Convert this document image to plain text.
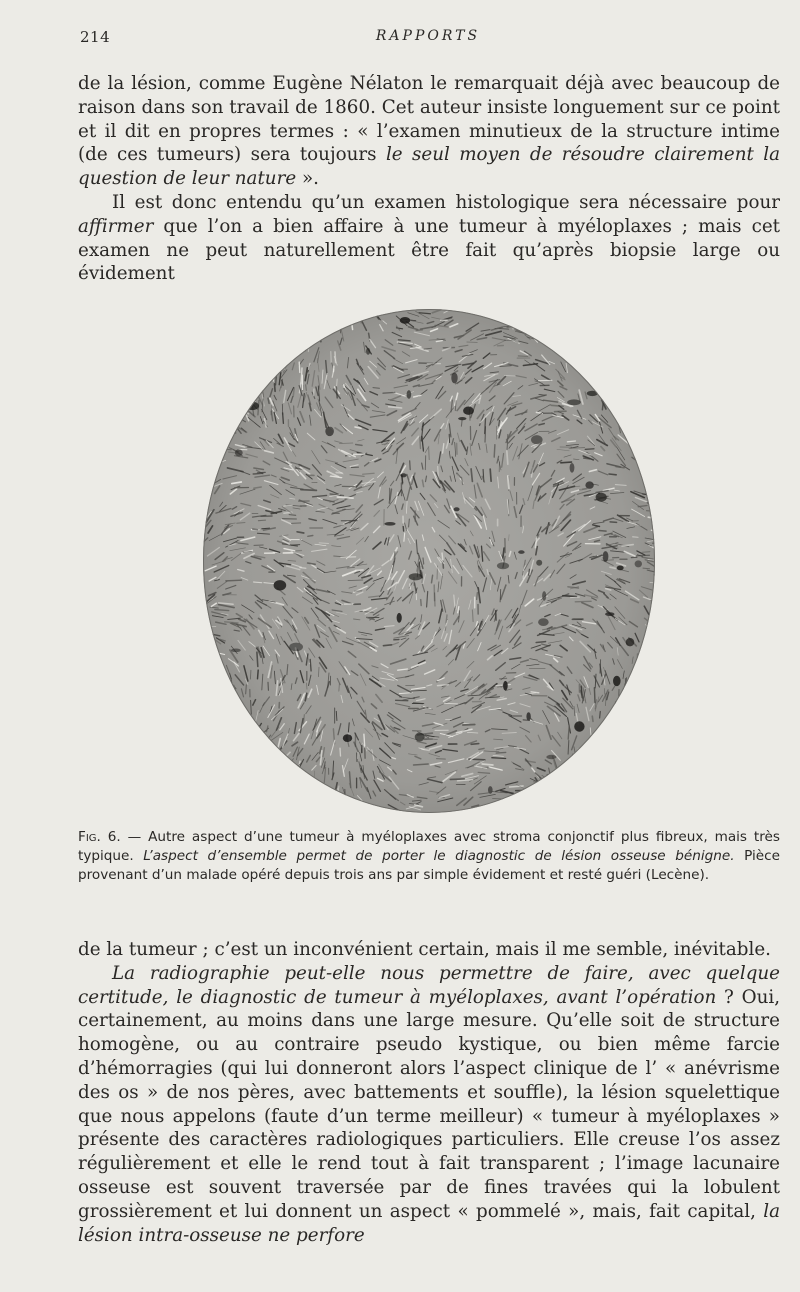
214	RAPPORTS

de la lésion, comme Eugène Nélaton le remarquait déjà avec beaucoup de raison dans son travail de 1860. Cet auteur insiste longuement sur ce point et il dit en propres termes : « l’examen minutieux de la structure intime (de ces tumeurs) sera toujours le seul moyen de résoudre clairement la question de leur nature ».

Il est donc entendu qu’un examen histologique sera nécessaire pour affirmer que l’on a bien affaire à une tumeur à myéloplaxes ; mais cet examen ne peut naturellement être fait qu’après biopsie large ou évidement

Fig. 6. — Autre aspect d’une tumeur à myéloplaxes avec stroma conjonctif plus fibreux, mais très typique. L’aspect d’ensemble permet de porter le diagnostic de lésion osseuse bénigne. Pièce provenant d’un malade opéré depuis trois ans par simple évidement et resté guéri (Lecène).

de la tumeur ; c’est un inconvénient certain, mais il me semble, inévitable.

La radiographie peut-elle nous permettre de faire, avec quelque certitude, le diagnostic de tumeur à myéloplaxes, avant l’opération ? Oui, certainement, au moins dans une large mesure. Qu’elle soit de structure homogène, ou au contraire pseudo kystique, ou bien même farcie d’hémorragies (qui lui donneront alors l’aspect clinique de l’ « anévrisme des os » de nos pères, avec battements et souffle), la lésion squelettique que nous appelons (faute d’un terme meilleur) « tumeur à myéloplaxes » présente des caractères radiologiques particuliers. Elle creuse l’os assez régulièrement et elle le rend tout à fait transparent ; l’image lacunaire osseuse est souvent traversée par de fines travées qui la lobulent grossièrement et lui donnent un aspect « pommelé », mais, fait capital, la lésion intra-osseuse ne perfore
